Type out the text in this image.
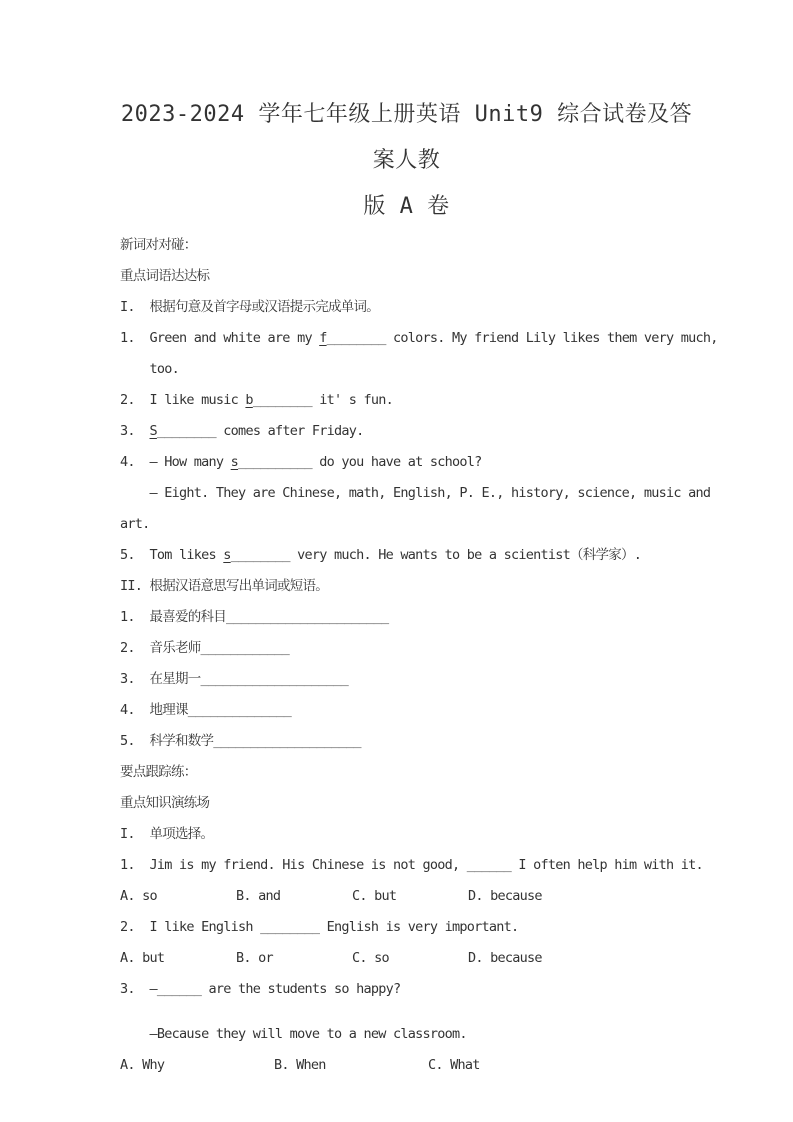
2023-2024 学年七年级上册英语 Unit9 综合试卷及答案人教
版 A 卷
新词对对碰：
重点词语达达标
I.  根据句意及首字母或汉语提示完成单词。
1.  Green and white are my f________ colors. My friend Lily likes them very much,
too.
2.  I like music b________ it' s fun.
3.  S________ comes after Friday.
4.  — How many s__________ do you have at school?
— Eight. They are Chinese, math, English, P. E., history, science, music and
art.
5.  Tom likes s________ very much. He wants to be a scientist（科学家）.
II. 根据汉语意思写出单词或短语。
1.  最喜爱的科目______________________
2.  音乐老师____________
3.  在星期一____________________
4.  地理课______________
5.  科学和数学____________________
要点跟踪练：
重点知识演练场
I.  单项选择。
1.  Jim is my friend. His Chinese is not good, ______ I often help him with it.
A. so	B. and	C. but	D. because
2.  I like English ________ English is very important.
A. but	B. or	C. so	D. because
3.  —______ are the students so happy?
—Because they will move to a new classroom.
A. Why	B. When	C. What
